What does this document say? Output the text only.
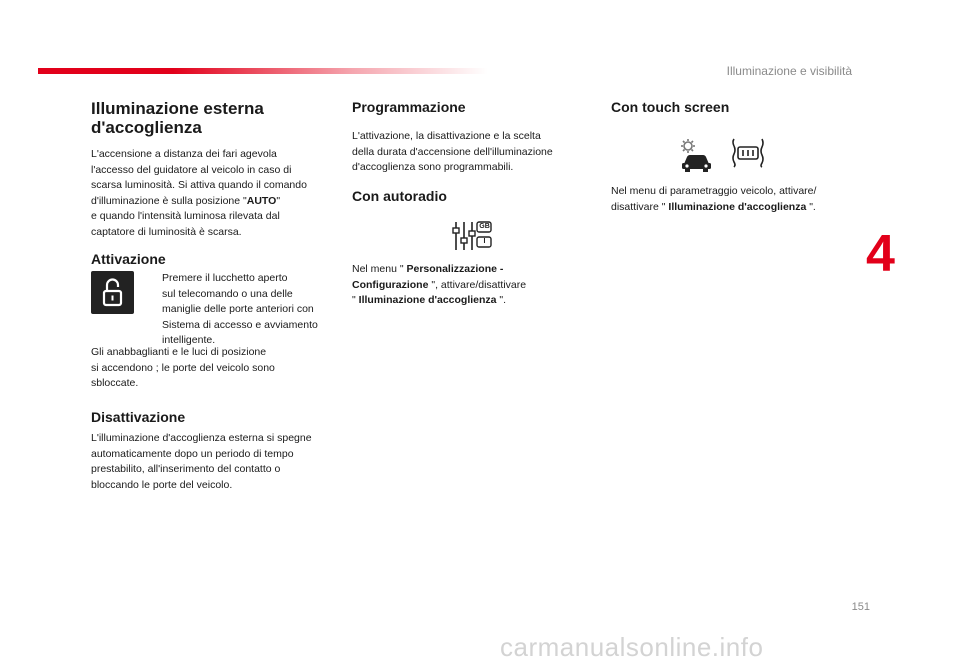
Illuminazione e visibilità
4
151
carmanualsonline.info
Illuminazione esterna
d'accoglienza

L'accensione a distanza dei fari agevola
l'accesso del guidatore al veicolo in caso di
scarsa luminosità. Si attiva quando il comando
d'illuminazione è sulla posizione "AUTO"
e quando l'intensità luminosa rilevata dal
captatore di luminosità è scarsa.

Attivazione

Premere il lucchetto aperto
sul telecomando o una delle
maniglie delle porte anteriori con
Sistema di accesso e avviamento
intelligente.

Gli anabbaglianti e le luci di posizione
si accendono ; le porte del veicolo sono
sbloccate.

Disattivazione

L'illuminazione d'accoglienza esterna si spegne
automaticamente dopo un periodo di tempo
prestabilito, all'inserimento del contatto o
bloccando le porte del veicolo.

Programmazione

L'attivazione, la disattivazione e la scelta
della durata d'accensione dell'illuminazione
d'accoglienza sono programmabili.

Con autoradio
GB
I

Nel menu " Personalizzazione -
Configurazione ", attivare/disattivare
" Illuminazione d'accoglienza ".

Con touch screen

Nel menu di parametraggio veicolo, attivare/
disattivare " Illuminazione d'accoglienza ".
